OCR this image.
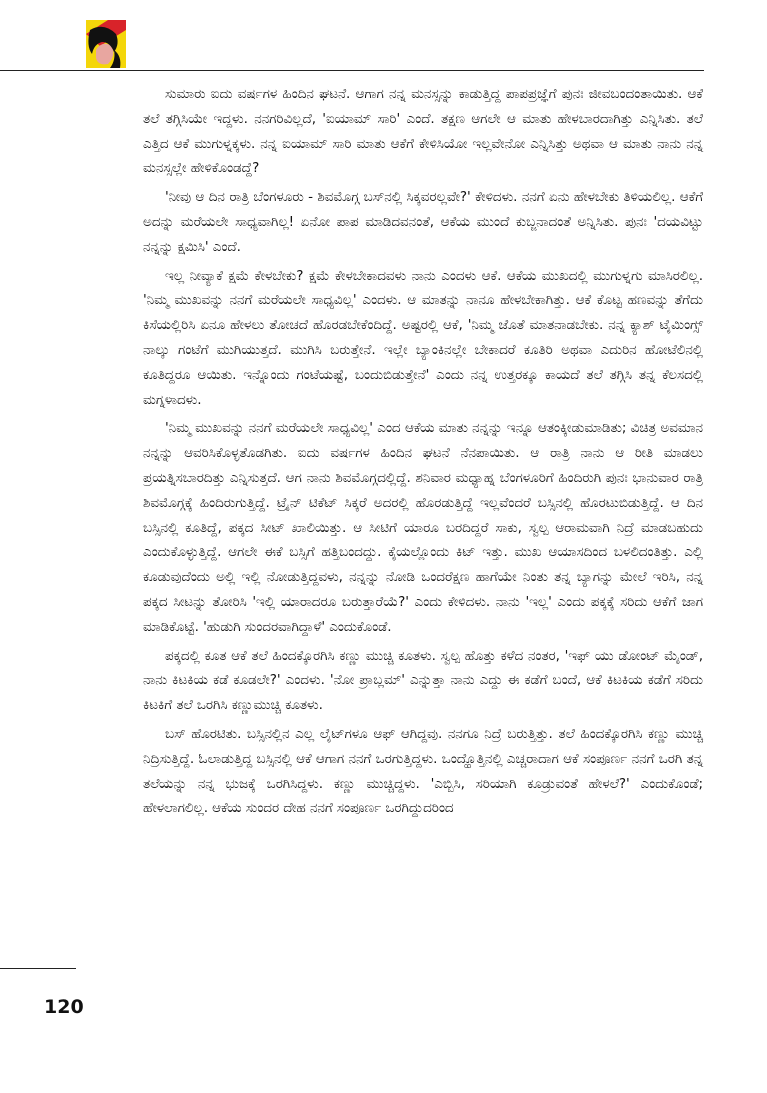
ಸುಮಾರು ಐದು ವರ್ಷಗಳ ಹಿಂದಿನ ಘಟನೆ. ಆಗಾಗ ನನ್ನ ಮನಸ್ಸನ್ನು ಕಾಡುತ್ತಿದ್ದ ಪಾಪಪ್ರಜ್ಞೆಗೆ ಪುನಃ ಜೀವಬಂದಂತಾಯಿತು. ಆಕೆ ತಲೆ ತಗ್ಗಿಸಿಯೇ ಇದ್ದಳು. ನನಗರಿವಿಲ್ಲದೆ, 'ಐಯಾಮ್ ಸಾರಿ' ಎಂದೆ. ತಕ್ಷಣ ಆಗಲೇ ಆ ಮಾತು ಹೇಳಬಾರದಾಗಿತ್ತು ಎನ್ನಿಸಿತು. ತಲೆ ಎತ್ತಿದ ಆಕೆ ಮುಗುಳ್ನಕ್ಕಳು. ನನ್ನ ಐಯಾಮ್ ಸಾರಿ ಮಾತು ಆಕೆಗೆ ಕೇಳಿಸಿಯೋ ಇಲ್ಲವೇನೋ ಎನ್ನಿಸಿತ್ತು ಅಥವಾ ಆ ಮಾತು ನಾನು ನನ್ನ ಮನಸ್ಸಲ್ಲೇ ಹೇಳಿಕೊಂಡದ್ದೆ?

'ನೀವು ಆ ದಿನ ರಾತ್ರಿ ಬೆಂಗಳೂರು - ಶಿವಮೊಗ್ಗ ಬಸ್‌ನಲ್ಲಿ ಸಿಕ್ಕವರಲ್ಲವೇ?' ಕೇಳಿದಳು. ನನಗೆ ಏನು ಹೇಳಬೇಕು ತಿಳಿಯಲಿಲ್ಲ. ಆಕೆಗೆ ಅದನ್ನು ಮರೆಯಲೇ ಸಾಧ್ಯವಾಗಿಲ್ಲ! ಏನೋ ಪಾಪ ಮಾಡಿದವನಂತೆ, ಆಕೆಯ ಮುಂದೆ ಕುಬ್ಜನಾದಂತೆ ಅನ್ನಿಸಿತು. ಪುನಃ 'ದಯವಿಟ್ಟು ನನ್ನನ್ನು ಕ್ಷಮಿಸಿ' ಎಂದೆ.

ಇಲ್ಲ ನೀವ್ಯಾಕೆ ಕ್ಷಮೆ ಕೇಳಬೇಕು? ಕ್ಷಮೆ ಕೇಳಬೇಕಾದವಳು ನಾನು ಎಂದಳು ಆಕೆ. ಆಕೆಯ ಮುಖದಲ್ಲಿ ಮುಗುಳ್ನಗು ಮಾಸಿರಲಿಲ್ಲ. 'ನಿಮ್ಮ ಮುಖವನ್ನು ನನಗೆ ಮರೆಯಲೇ ಸಾಧ್ಯವಿಲ್ಲ' ಎಂದಳು. ಆ ಮಾತನ್ನು ನಾನೂ ಹೇಳಬೇಕಾಗಿತ್ತು. ಆಕೆ ಕೊಟ್ಟ ಹಣವನ್ನು ತೆಗೆದು ಕಿಸೆಯಲ್ಲಿರಿಸಿ ಏನೂ ಹೇಳಲು ತೋಚದೆ ಹೊರಡಬೇಕೆಂದಿದ್ದೆ. ಅಷ್ಟರಲ್ಲಿ ಆಕೆ, 'ನಿಮ್ಮ ಜೊತೆ ಮಾತನಾಡಬೇಕು. ನನ್ನ ಕ್ಯಾಶ್ ಟೈಮಿಂಗ್ಸ್ ನಾಲ್ಕು ಗಂಟೆಗೆ ಮುಗಿಯುತ್ತದೆ. ಮುಗಿಸಿ ಬರುತ್ತೇನೆ. ಇಲ್ಲೇ ಬ್ಯಾಂಕಿನಲ್ಲೇ ಬೇಕಾದರೆ ಕೂತಿರಿ ಅಥವಾ ಎದುರಿನ ಹೋಟೆಲಿನಲ್ಲಿ ಕೂತಿದ್ದರೂ ಆಯಿತು. ಇನ್ನೊಂದು ಗಂಟೆಯಷ್ಟೆ, ಬಂದುಬಿಡುತ್ತೇನೆ' ಎಂದು ನನ್ನ ಉತ್ತರಕ್ಕೂ ಕಾಯದೆ ತಲೆ ತಗ್ಗಿಸಿ ತನ್ನ ಕೆಲಸದಲ್ಲಿ ಮಗ್ನಳಾದಳು.

'ನಿಮ್ಮ ಮುಖವನ್ನು ನನಗೆ ಮರೆಯಲೇ ಸಾಧ್ಯವಿಲ್ಲ' ಎಂದ ಆಕೆಯ ಮಾತು ನನ್ನನ್ನು ಇನ್ನೂ ಆತಂಕ್ಕೀಡುಮಾಡಿತು; ವಿಚಿತ್ರ ಅವಮಾನ ನನ್ನನ್ನು ಆವರಿಸಿಕೊಳ್ಳತೊಡಗಿತು. ಐದು ವರ್ಷಗಳ ಹಿಂದಿನ ಘಟನೆ ನೆನಪಾಯಿತು. ಆ ರಾತ್ರಿ ನಾನು ಆ ರೀತಿ ಮಾಡಲು ಪ್ರಯತ್ನಿಸಬಾರದಿತ್ತು ಎನ್ನಿಸುತ್ತದೆ. ಆಗ ನಾನು ಶಿವಮೊಗ್ಗದಲ್ಲಿದ್ದೆ. ಶನಿವಾರ ಮಧ್ಯಾಹ್ನ ಬೆಂಗಳೂರಿಗೆ ಹಿಂದಿರುಗಿ ಪುನಃ ಭಾನುವಾರ ರಾತ್ರಿ ಶಿವಮೊಗ್ಗಕ್ಕೆ ಹಿಂದಿರುಗುತ್ತಿದ್ದೆ. ಟ್ರೈನ್ ಟಿಕೆಟ್ ಸಿಕ್ಕರೆ ಅದರಲ್ಲಿ ಹೊರಡುತ್ತಿದ್ದೆ ಇಲ್ಲವೆಂದರೆ ಬಸ್ಸಿನಲ್ಲಿ ಹೊರಟುಬಿಡುತ್ತಿದ್ದೆ. ಆ ದಿನ ಬಸ್ಸಿನಲ್ಲಿ ಕೂತಿದ್ದೆ, ಪಕ್ಕದ ಸೀಟ್ ಖಾಲಿಯಿತ್ತು. ಆ ಸೀಟಿಗೆ ಯಾರೂ ಬರದಿದ್ದರೆ ಸಾಕು, ಸ್ವಲ್ಪ ಆರಾಮವಾಗಿ ನಿದ್ರೆ ಮಾಡಬಹುದು ಎಂದುಕೊಳ್ಳುತ್ತಿದ್ದೆ. ಆಗಲೇ ಈಕೆ ಬಸ್ಸಿಗೆ ಹತ್ತಿಬಂದದ್ದು. ಕೈಯಲ್ಲೊಂದು ಕಿಟ್ ಇತ್ತು. ಮುಖ ಆಯಾಸದಿಂದ ಬಳಲಿದಂತಿತ್ತು. ಎಲ್ಲಿ ಕೂಡುವುದೆಂದು ಅಲ್ಲಿ ಇಲ್ಲಿ ನೋಡುತ್ತಿದ್ದವಳು, ನನ್ನನ್ನು ನೋಡಿ ಒಂದರೆಕ್ಷಣ ಹಾಗೆಯೇ ನಿಂತು ತನ್ನ ಬ್ಯಾಗನ್ನು ಮೇಲೆ ಇರಿಸಿ, ನನ್ನ ಪಕ್ಕದ ಸೀಟನ್ನು ತೋರಿಸಿ 'ಇಲ್ಲಿ ಯಾರಾದರೂ ಬರುತ್ತಾರೆಯೆ?' ಎಂದು ಕೇಳಿದಳು. ನಾನು 'ಇಲ್ಲ' ಎಂದು ಪಕ್ಕಕ್ಕೆ ಸರಿದು ಆಕೆಗೆ ಜಾಗ ಮಾಡಿಕೊಟ್ಟೆ. 'ಹುಡುಗಿ ಸುಂದರವಾಗಿದ್ದಾಳೆ' ಎಂದುಕೊಂಡೆ.

ಪಕ್ಕದಲ್ಲಿ ಕೂತ ಆಕೆ ತಲೆ ಹಿಂದಕ್ಕೊರಗಿಸಿ ಕಣ್ಣು ಮುಚ್ಚಿ ಕೂತಳು. ಸ್ವಲ್ಪ ಹೊತ್ತು ಕಳೆದ ನಂತರ, 'ಇಫ್ ಯು ಡೋಂಟ್ ಮೈಂಡ್, ನಾನು ಕಿಟಕಿಯ ಕಡೆ ಕೂಡಲೇ?' ಎಂದಳು. 'ನೋ ಪ್ರಾಬ್ಲಮ್' ಎನ್ನುತ್ತಾ ನಾನು ಎದ್ದು ಈ ಕಡೆಗೆ ಬಂದೆ, ಆಕೆ ಕಿಟಕಿಯ ಕಡೆಗೆ ಸರಿದು ಕಿಟಕಿಗೆ ತಲೆ ಒರಗಿಸಿ ಕಣ್ಣುಮುಚ್ಚಿ ಕೂತಳು.

ಬಸ್ ಹೊರಟಿತು. ಬಸ್ಸಿನಲ್ಲಿನ ಎಲ್ಲ ಲೈಟ್‌ಗಳೂ ಆಫ್ ಆಗಿದ್ದವು. ನನಗೂ ನಿದ್ರೆ ಬರುತ್ತಿತ್ತು. ತಲೆ ಹಿಂದಕ್ಕೊರಗಿಸಿ ಕಣ್ಣು ಮುಚ್ಚಿ ನಿದ್ರಿಸುತ್ತಿದ್ದೆ. ಓಲಾಡುತ್ತಿದ್ದ ಬಸ್ಸಿನಲ್ಲಿ ಆಕೆ ಆಗಾಗ ನನಗೆ ಒರಗುತ್ತಿದ್ದಳು. ಒಂದ್ಹೊತ್ತಿನಲ್ಲಿ ಎಚ್ಚರಾದಾಗ ಆಕೆ ಸಂಪೂರ್ಣ ನನಗೆ ಒರಗಿ ತನ್ನ ತಲೆಯನ್ನು ನನ್ನ ಭುಜಕ್ಕೆ ಒರಗಿಸಿದ್ದಳು. ಕಣ್ಣು ಮುಚ್ಚಿದ್ದಳು. 'ಎಬ್ಬಿಸಿ, ಸರಿಯಾಗಿ ಕೂಡ್ರುವಂತೆ ಹೇಳಲೆ?' ಎಂದುಕೊಂಡೆ; ಹೇಳಲಾಗಲಿಲ್ಲ. ಆಕೆಯ ಸುಂದರ ದೇಹ ನನಗೆ ಸಂಪೂರ್ಣ ಒರಗಿದ್ದುದರಿಂದ

120
